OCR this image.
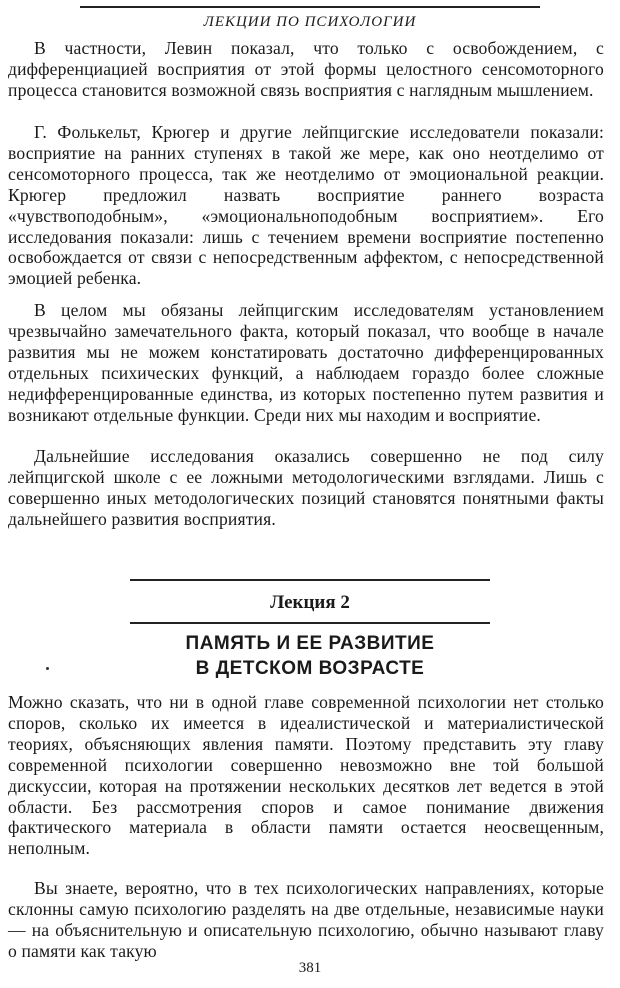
ЛЕКЦИИ ПО ПСИХОЛОГИИ

В частности, Левин показал, что только с освобождением, с дифференциацией восприятия от этой формы целостного сенсомоторного процесса становится возможной связь восприятия с наглядным мышлением.

Г. Фолькельт, Крюгер и другие лейпцигские исследователи показали: восприятие на ранних ступенях в такой же мере, как оно неотделимо от сенсомоторного процесса, так же неотделимо от эмоциональной реакции. Крюгер предложил назвать восприятие раннего возраста «чувствоподобным», «эмоциональноподобным восприятием». Его исследования показали: лишь с течением времени восприятие постепенно освобождается от связи с непосредственным аффектом, с непосредственной эмоцией ребенка.

В целом мы обязаны лейпцигским исследователям установлением чрезвычайно замечательного факта, который показал, что вообще в начале развития мы не можем констатировать достаточно дифференцированных отдельных психических функций, а наблюдаем гораздо более сложные недифференцированные единства, из которых постепенно путем развития и возникают отдельные функции. Среди них мы находим и восприятие.

Дальнейшие исследования оказались совершенно не под силу лейпцигской школе с ее ложными методологическими взглядами. Лишь с совершенно иных методологических позиций становятся понятными факты дальнейшего развития восприятия.

Лекция 2
ПАМЯТЬ И ЕЕ РАЗВИТИЕ
В ДЕТСКОМ ВОЗРАСТЕ

Можно сказать, что ни в одной главе современной психологии нет столько споров, сколько их имеется в идеалистической и материалистической теориях, объясняющих явления памяти. Поэтому представить эту главу современной психологии совершенно невозможно вне той большой дискуссии, которая на протяжении нескольких десятков лет ведется в этой области. Без рассмотрения споров и самое понимание движения фактического материала в области памяти остается неосвещенным, неполным.

Вы знаете, вероятно, что в тех психологических направлениях, которые склонны самую психологию разделять на две отдельные, независимые науки — на объяснительную и описательную психологию, обычно называют главу о памяти как такую

381
